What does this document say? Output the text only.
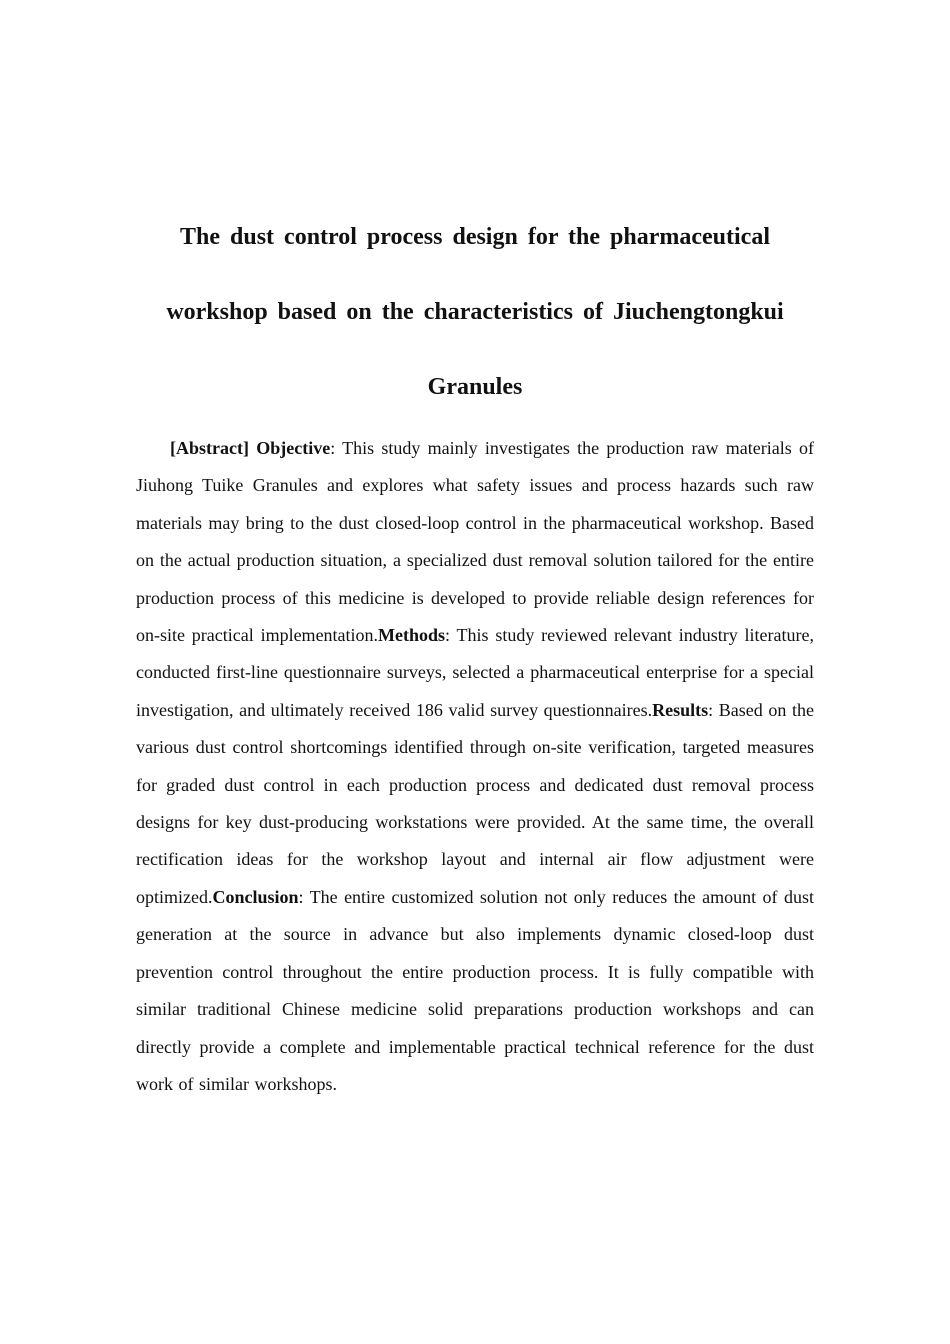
The dust control process design for the pharmaceutical
workshop based on the characteristics of Jiuchengtongkui
Granules

[Abstract] Objective: This study mainly investigates the production raw materials of Jiuhong Tuike Granules and explores what safety issues and process hazards such raw materials may bring to the dust closed-loop control in the pharmaceutical workshop. Based on the actual production situation, a specialized dust removal solution tailored for the entire production process of this medicine is developed to provide reliable design references for on-site practical implementation.Methods: This study reviewed relevant industry literature, conducted first-line questionnaire surveys, selected a pharmaceutical enterprise for a special investigation, and ultimately received 186 valid survey questionnaires.Results: Based on the various dust control shortcomings identified through on-site verification, targeted measures for graded dust control in each production process and dedicated dust removal process designs for key dust-producing workstations were provided. At the same time, the overall rectification ideas for the workshop layout and internal air flow adjustment were optimized.Conclusion: The entire customized solution not only reduces the amount of dust generation at the source in advance but also implements dynamic closed-loop dust prevention control throughout the entire production process. It is fully compatible with similar traditional Chinese medicine solid preparations production workshops and can directly provide a complete and implementable practical technical reference for the dust work of similar workshops.
